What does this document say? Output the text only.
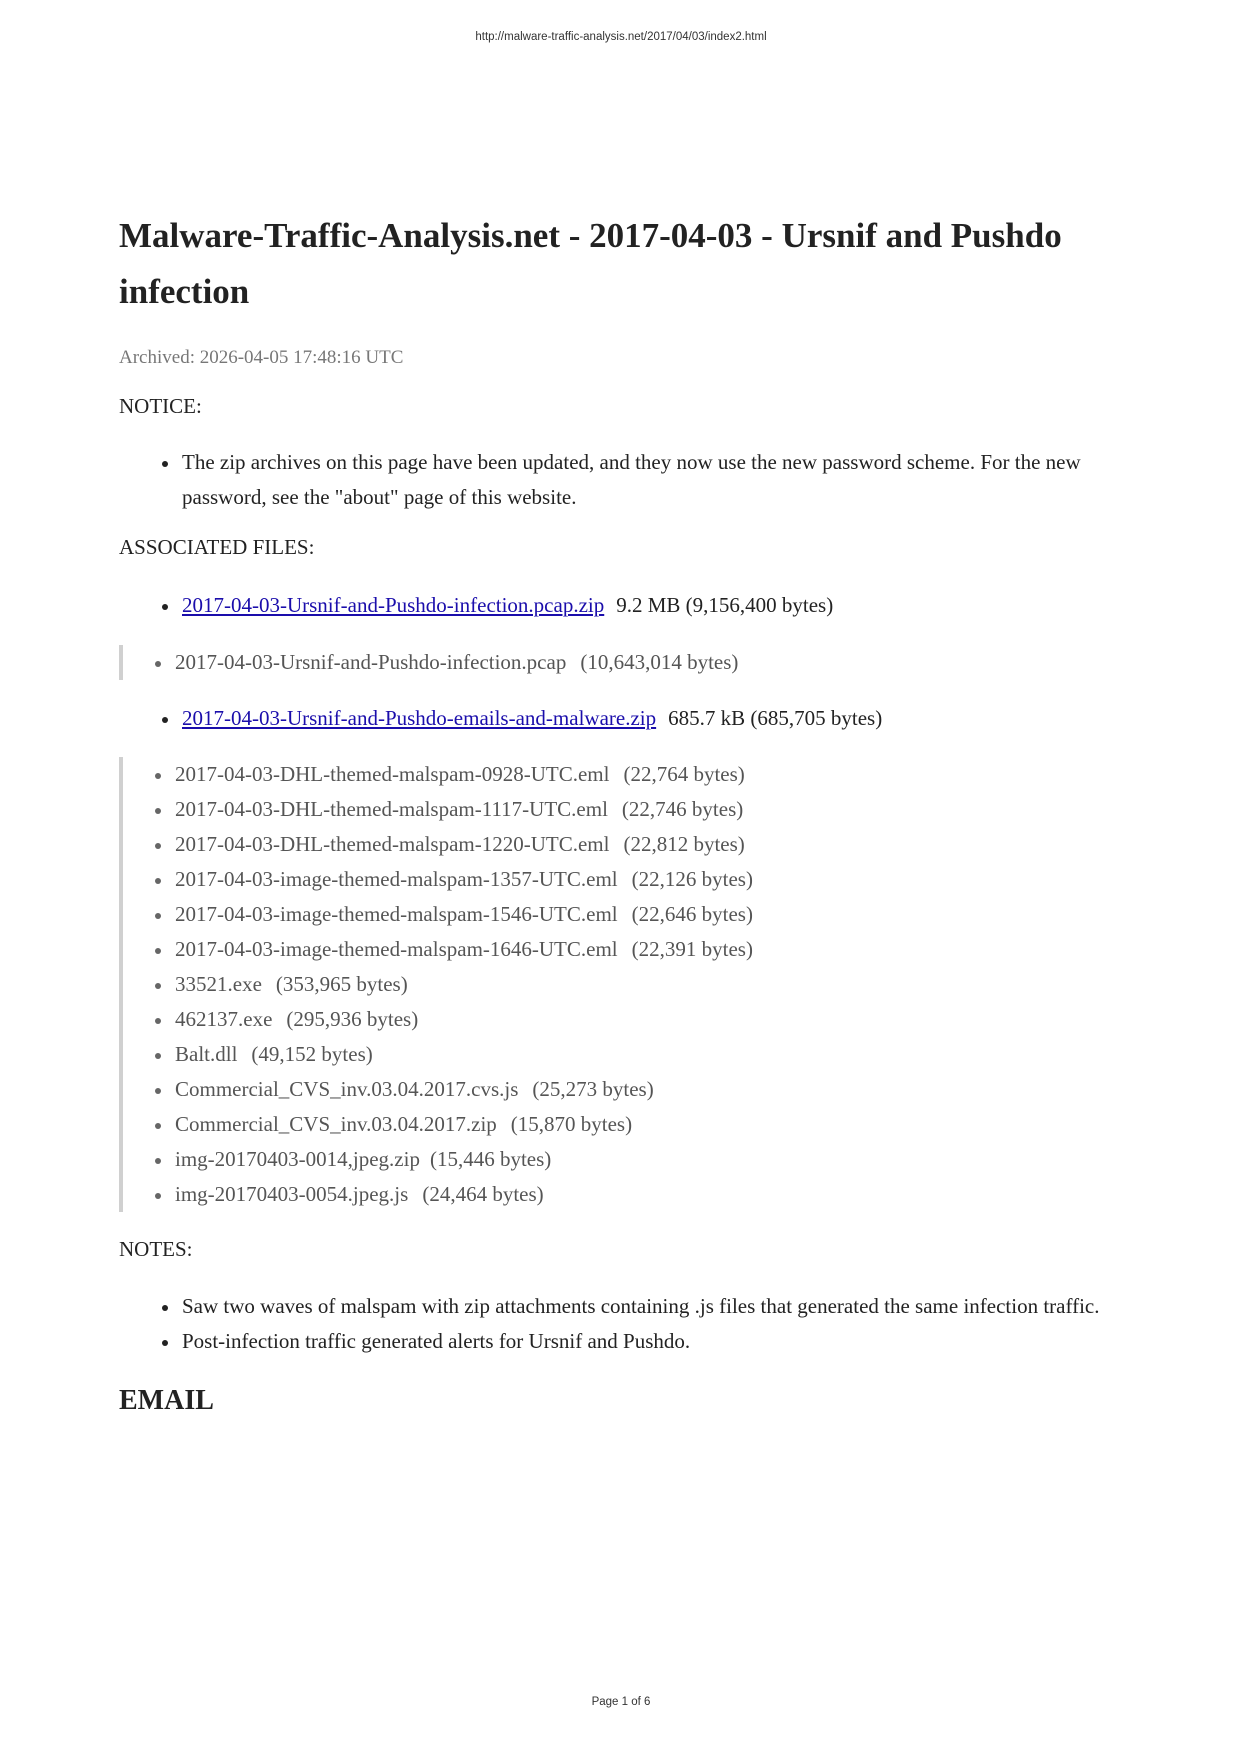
http://malware-traffic-analysis.net/2017/04/03/index2.html
Malware-Traffic-Analysis.net - 2017-04-03 - Ursnif and Pushdo infection
Archived: 2026-04-05 17:48:16 UTC
NOTICE:
The zip archives on this page have been updated, and they now use the new password scheme. For the new password, see the "about" page of this website.
ASSOCIATED FILES:
2017-04-03-Ursnif-and-Pushdo-infection.pcap.zip 9.2 MB (9,156,400 bytes)
2017-04-03-Ursnif-and-Pushdo-infection.pcap (10,643,014 bytes)
2017-04-03-Ursnif-and-Pushdo-emails-and-malware.zip 685.7 kB (685,705 bytes)
2017-04-03-DHL-themed-malspam-0928-UTC.eml (22,764 bytes)
2017-04-03-DHL-themed-malspam-1117-UTC.eml (22,746 bytes)
2017-04-03-DHL-themed-malspam-1220-UTC.eml (22,812 bytes)
2017-04-03-image-themed-malspam-1357-UTC.eml (22,126 bytes)
2017-04-03-image-themed-malspam-1546-UTC.eml (22,646 bytes)
2017-04-03-image-themed-malspam-1646-UTC.eml (22,391 bytes)
33521.exe (353,965 bytes)
462137.exe (295,936 bytes)
Balt.dll (49,152 bytes)
Commercial_CVS_inv.03.04.2017.cvs.js (25,273 bytes)
Commercial_CVS_inv.03.04.2017.zip (15,870 bytes)
img-20170403-0014,jpeg.zip (15,446 bytes)
img-20170403-0054.jpeg.js (24,464 bytes)
NOTES:
Saw two waves of malspam with zip attachments containing .js files that generated the same infection traffic.
Post-infection traffic generated alerts for Ursnif and Pushdo.
EMAIL
Page 1 of 6
